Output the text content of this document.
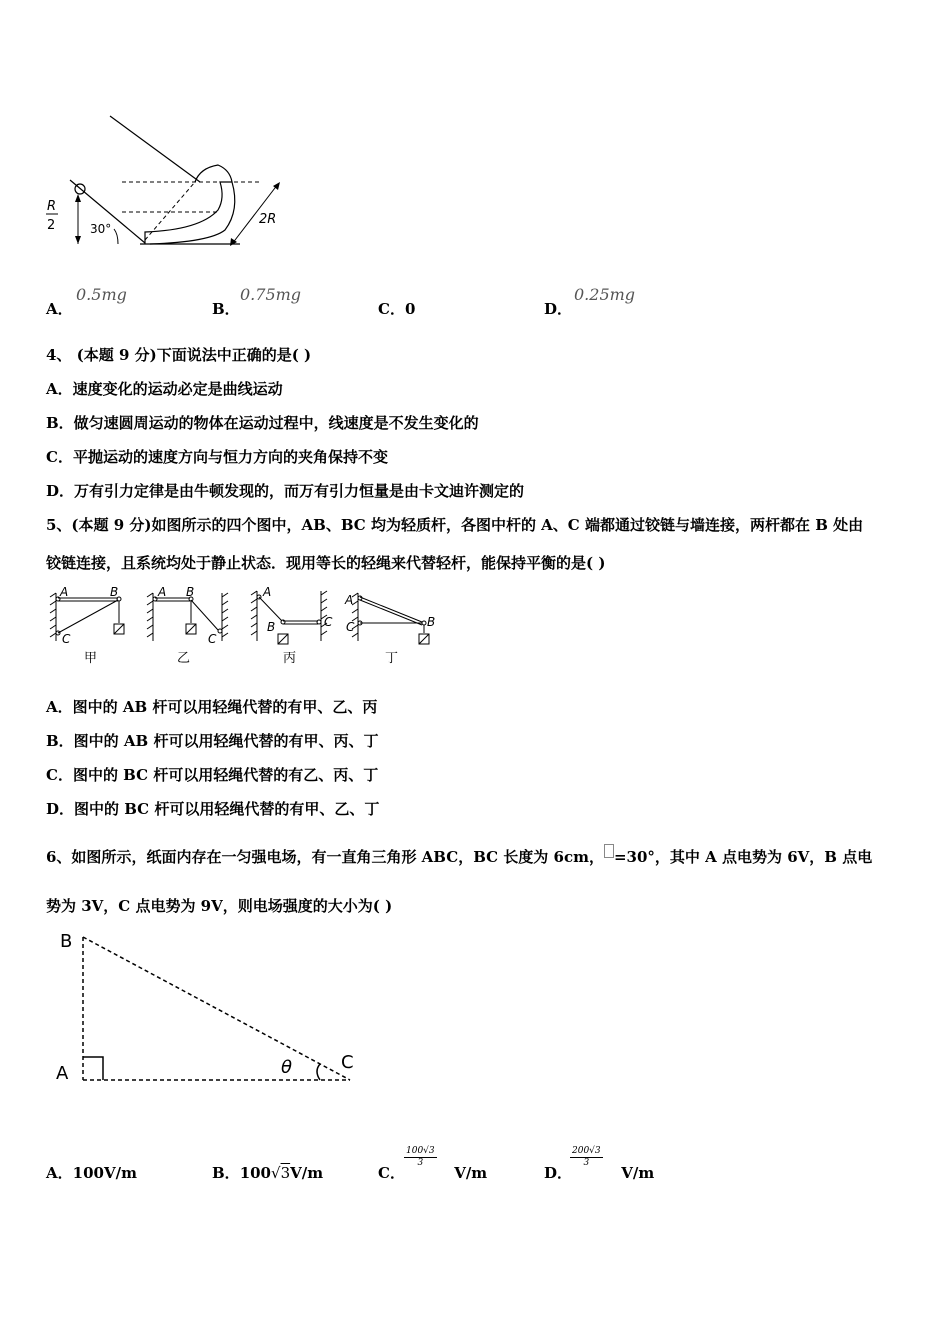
R
2	30°
2R
A．
0.5mg
B．
0.75mg
C．0	D．
0.25mg
4、 (本题 9 分)下面说法中正确的是( )
A．速度变化的运动必定是曲线运动
B．做匀速圆周运动的物体在运动过程中，线速度是不发生变化的
C．平抛运动的速度方向与恒力方向的夹角保持不变
D．万有引力定律是由牛顿发现的，而万有引力恒量是由卡文迪许测定的
5、(本题 9 分)如图所示的四个图中，AB、BC 均为轻质杆，各图中杆的 A、C 端都通过铰链与墙连接，两杆都在 B 处由
铰链连接，且系统均处于静止状态．现用等长的轻绳来代替轻杆，能保持平衡的是( )
A	B
C
甲
A B
C
乙
A
B	C
丙
A
B
C
丁
A．图中的 AB 杆可以用轻绳代替的有甲、乙、丙
B．图中的 AB 杆可以用轻绳代替的有甲、丙、丁
C．图中的 BC 杆可以用轻绳代替的有乙、丙、丁
D．图中的 BC 杆可以用轻绳代替的有甲、乙、丁
6、如图所示，纸面内存在一匀强电场，有一直角三角形 ABC，BC 长度为 6cm， =30°，其中 A 点电势为 6V，B 点电
势为 3V，C 点电势为 9V，则电场强度的大小为( )
B
A
C
θ
A．100V/m	B．100√3V/m	C．
$\frac{100√3}{3}$
V/m	D．
$\frac{200√3}{3}$
V/m
